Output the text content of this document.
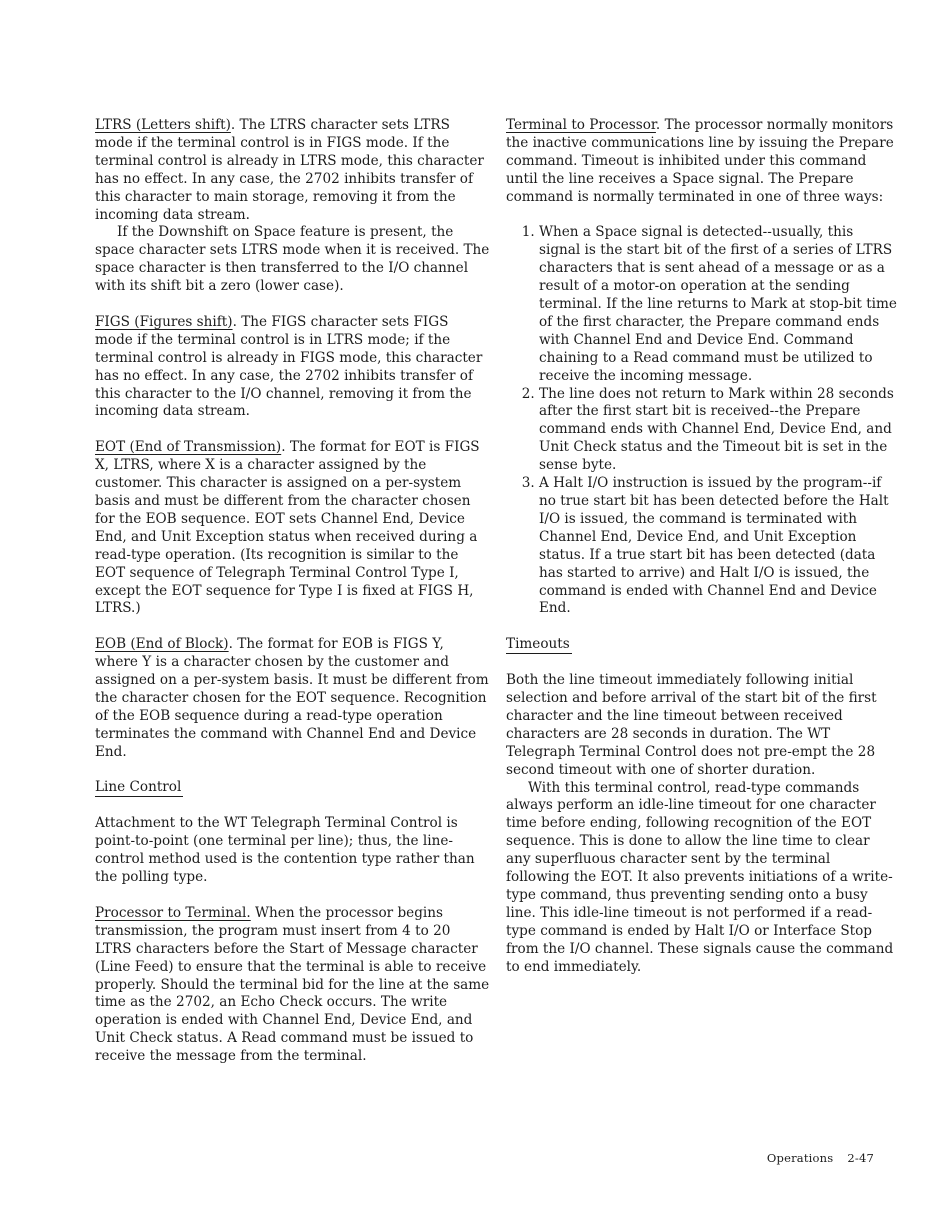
LTRS (Letters shift). The LTRS character sets LTRS mode if the terminal control is in FIGS mode. If the terminal control is already in LTRS mode, this character has no effect. In any case, the 2702 inhibits transfer of this character to main storage, removing it from the incoming data stream.

If the Downshift on Space feature is present, the space character sets LTRS mode when it is received. The space character is then transferred to the I/O channel with its shift bit a zero (lower case).

FIGS (Figures shift). The FIGS character sets FIGS mode if the terminal control is in LTRS mode; if the terminal control is already in FIGS mode, this character has no effect. In any case, the 2702 inhibits transfer of this character to the I/O channel, removing it from the incoming data stream.

EOT (End of Transmission). The format for EOT is FIGS X, LTRS, where X is a character assigned by the customer. This character is assigned on a per-system basis and must be different from the character chosen for the EOB sequence. EOT sets Channel End, Device End, and Unit Exception status when received during a read-type operation. (Its recognition is similar to the EOT sequence of Telegraph Terminal Control Type I, except the EOT sequence for Type I is fixed at FIGS H, LTRS.)

EOB (End of Block). The format for EOB is FIGS Y, where Y is a character chosen by the customer and assigned on a per-system basis. It must be different from the character chosen for the EOT sequence. Recognition of the EOB sequence during a read-type operation terminates the command with Channel End and Device End.

Line Control

Attachment to the WT Telegraph Terminal Control is point-to-point (one terminal per line); thus, the line-control method used is the contention type rather than the polling type.

Processor to Terminal. When the processor begins transmission, the program must insert from 4 to 20 LTRS characters before the Start of Message character (Line Feed) to ensure that the terminal is able to receive properly. Should the terminal bid for the line at the same time as the 2702, an Echo Check occurs. The write operation is ended with Channel End, Device End, and Unit Check status. A Read command must be issued to receive the message from the terminal.

Terminal to Processor. The processor normally monitors the inactive communications line by issuing the Prepare command. Timeout is inhibited under this command until the line receives a Space signal. The Prepare command is normally terminated in one of three ways:

1. When a Space signal is detected--usually, this signal is the start bit of the first of a series of LTRS characters that is sent ahead of a message or as a result of a motor-on operation at the sending terminal. If the line returns to Mark at stop-bit time of the first character, the Prepare command ends with Channel End and Device End. Command chaining to a Read command must be utilized to receive the incoming message.
2. The line does not return to Mark within 28 seconds after the first start bit is received--the Prepare command ends with Channel End, Device End, and Unit Check status and the Timeout bit is set in the sense byte.
3. A Halt I/O instruction is issued by the program--if no true start bit has been detected before the Halt I/O is issued, the command is terminated with Channel End, Device End, and Unit Exception status. If a true start bit has been detected (data has started to arrive) and Halt I/O is issued, the command is ended with Channel End and Device End.

Timeouts

Both the line timeout immediately following initial selection and before arrival of the start bit of the first character and the line timeout between received characters are 28 seconds in duration. The WT Telegraph Terminal Control does not pre-empt the 28 second timeout with one of shorter duration.

With this terminal control, read-type commands always perform an idle-line timeout for one character time before ending, following recognition of the EOT sequence. This is done to allow the line time to clear any superfluous character sent by the terminal following the EOT. It also prevents initiations of a write-type command, thus preventing sending onto a busy line. This idle-line timeout is not performed if a read-type command is ended by Halt I/O or Interface Stop from the I/O channel. These signals cause the command to end immediately.

Operations 2-47
